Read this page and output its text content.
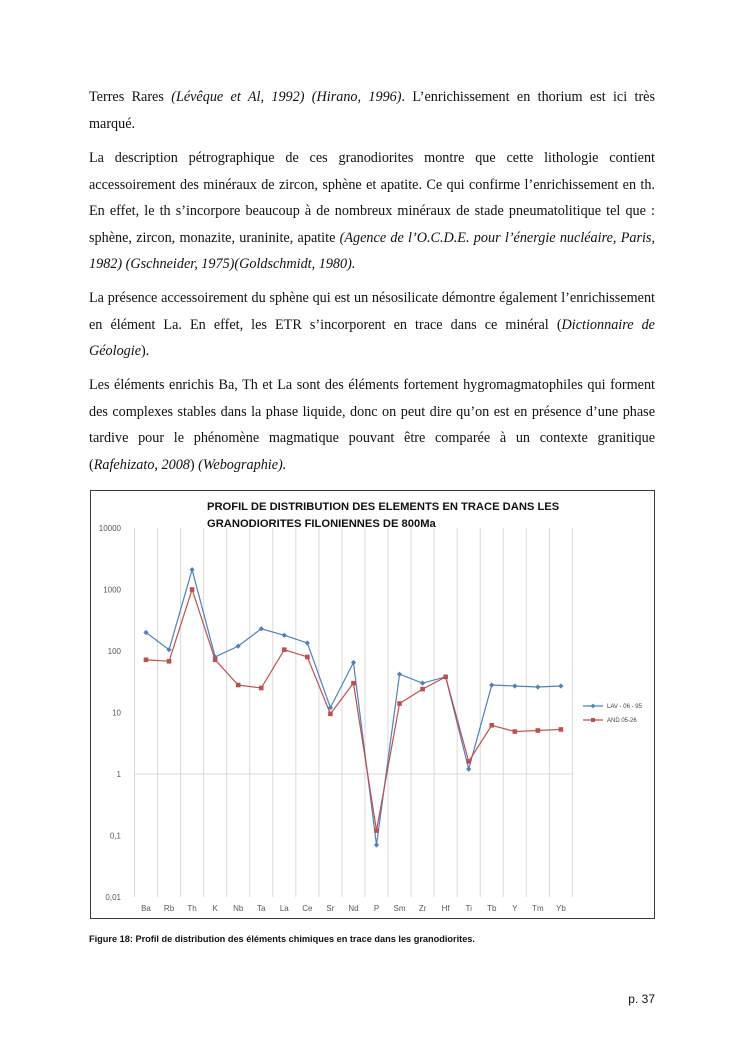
Terres Rares (Lévêque et Al, 1992) (Hirano, 1996). L’enrichissement en thorium est ici très marqué.

La description pétrographique de ces granodiorites montre que cette lithologie contient accessoirement des minéraux de zircon, sphène et apatite. Ce qui confirme l’enrichissement en th. En effet, le th s’incorpore beaucoup à de nombreux minéraux de stade pneumatolitique tel que : sphène, zircon, monazite, uraninite, apatite (Agence de l’O.C.D.E. pour l’énergie nucléaire, Paris, 1982) (Gschneider, 1975)(Goldschmidt, 1980).

La présence accessoirement du sphène qui est un nésosilicate démontre également l’enrichissement en élément La. En effet, les ETR s’incorporent en trace dans ce minéral (Dictionnaire de Géologie).

Les éléments enrichis Ba, Th et La sont des éléments fortement hygromagmatophiles qui forment des complexes stables dans la phase liquide, donc on peut dire qu’on est en présence d’une phase tardive pour le phénomène magmatique pouvant être comparée à un contexte granitique (Rafehizato, 2008) (Webographie).

PROFIL DE DISTRIBUTION DES ELEMENTS EN TRACE DANS LES
GRANODIORITES FILONIENNES DE 800Ma
10000
1000
100
10
1
0,1
0,01
Ba Rb Th K Nb Ta La Ce Sr Nd P Sm Zr Hf Ti Tb Y Tm Yb
LAV - 06 - 95
AND 05-26

Figure 18: Profil de distribution des éléments chimiques en trace dans les granodiorites.

p. 37
